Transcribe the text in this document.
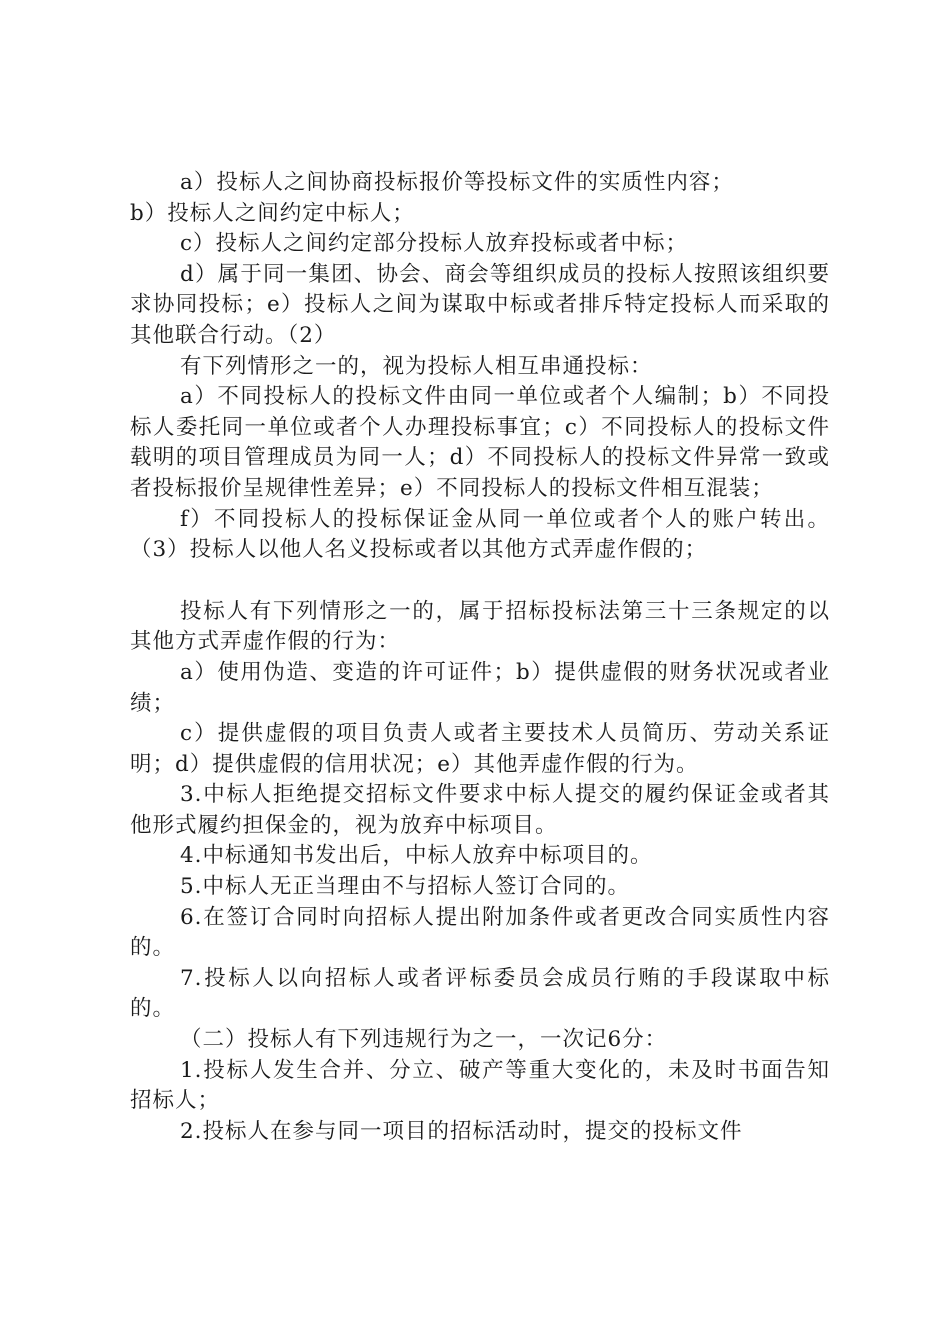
a）投标人之间协商投标报价等投标文件的实质性内容；

b）投标人之间约定中标人；

c）投标人之间约定部分投标人放弃投标或者中标；

d）属于同一集团、协会、商会等组织成员的投标人按照该组织要求协同投标；e）投标人之间为谋取中标或者排斥特定投标人而采取的其他联合行动。（2）

有下列情形之一的，视为投标人相互串通投标：

a）不同投标人的投标文件由同一单位或者个人编制；b）不同投标人委托同一单位或者个人办理投标事宜；c）不同投标人的投标文件载明的项目管理成员为同一人；d）不同投标人的投标文件异常一致或者投标报价呈规律性差异；e）不同投标人的投标文件相互混装；

f）不同投标人的投标保证金从同一单位或者个人的账户转出。（3）投标人以他人名义投标或者以其他方式弄虚作假的；

投标人有下列情形之一的，属于招标投标法第三十三条规定的以其他方式弄虚作假的行为：

a）使用伪造、变造的许可证件；b）提供虚假的财务状况或者业绩；

c）提供虚假的项目负责人或者主要技术人员简历、劳动关系证明；d）提供虚假的信用状况；e）其他弄虚作假的行为。

3.中标人拒绝提交招标文件要求中标人提交的履约保证金或者其他形式履约担保金的，视为放弃中标项目。

4.中标通知书发出后，中标人放弃中标项目的。

5.中标人无正当理由不与招标人签订合同的。

6.在签订合同时向招标人提出附加条件或者更改合同实质性内容的。

7.投标人以向招标人或者评标委员会成员行贿的手段谋取中标的。

（二）投标人有下列违规行为之一，一次记6分：

1.投标人发生合并、分立、破产等重大变化的，未及时书面告知招标人；

2.投标人在参与同一项目的招标活动时，提交的投标文件
